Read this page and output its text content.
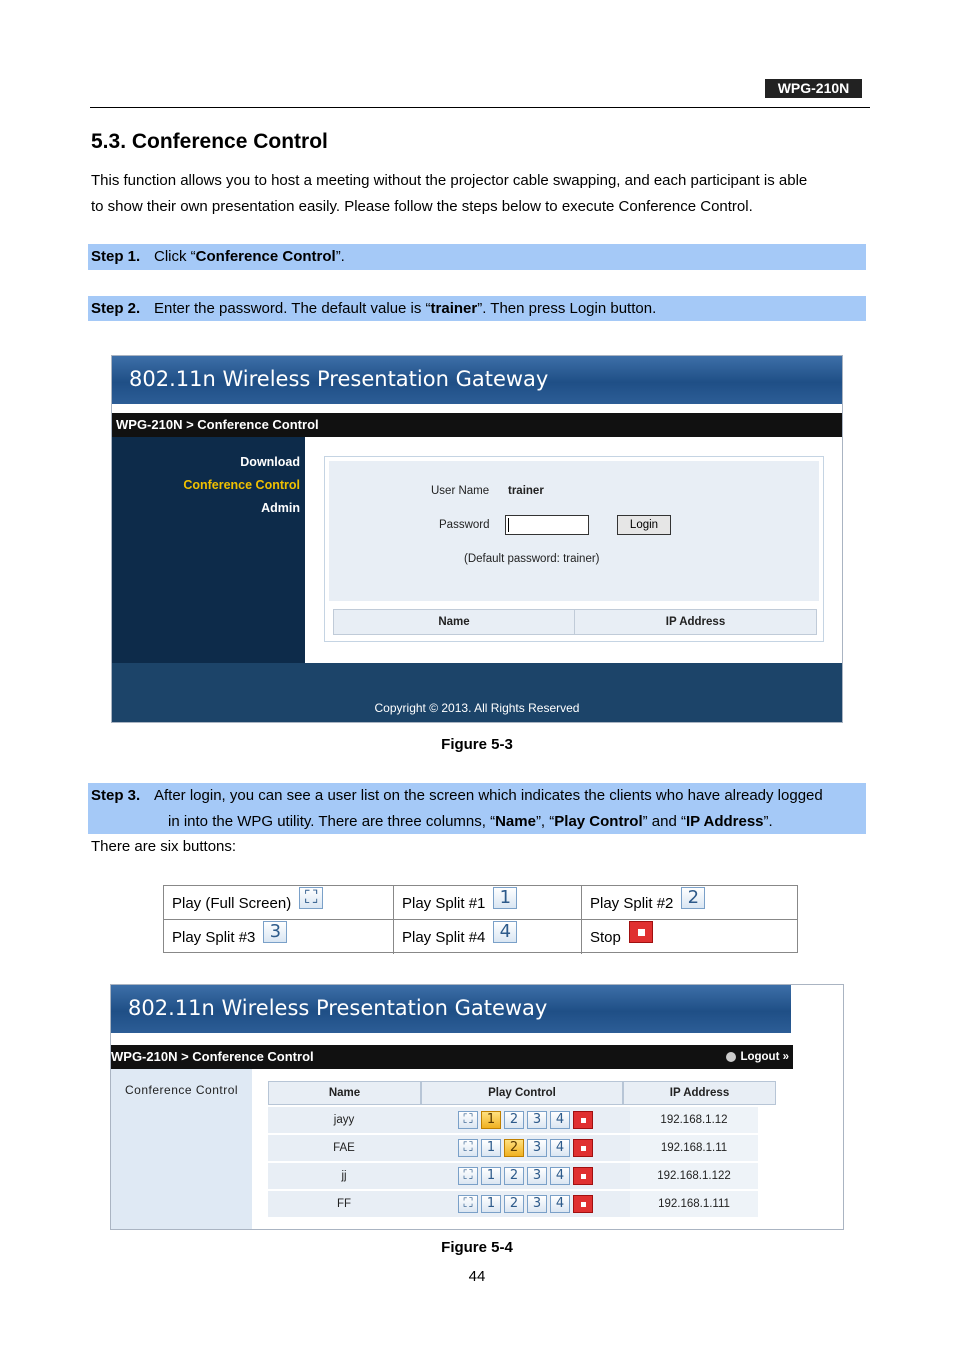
WPG-210N
5.3. Conference Control
This function allows you to host a meeting without the projector cable swapping, and each participant is able
to show their own presentation easily. Please follow the steps below to execute Conference Control.
Step 1. Click “Conference Control”.
Step 2. Enter the password. The default value is “trainer”. Then press Login button.
802.11n Wireless Presentation Gateway
WPG-210N > Conference Control
Download
Conference Control
Admin
User Name trainer
Password	Login
(Default password: trainer)
Name	IP Address
Copyright © 2013. All Rights Reserved
Figure 5-3
Step 3. After login, you can see a user list on the screen which indicates the clients who have already logged
in into the WPG utility. There are three columns, “Name”, “Play Control” and “IP Address”.
There are six buttons:
Play (Full Screen) ⛶	Play Split #1 1	Play Split #2 2
Play Split #3 3	Play Split #4 4	Stop
802.11n Wireless Presentation Gateway
WPG-210N > Conference Control	Logout »
Conference Control	Name	Play Control	IP Address
jayy	⛶ 1 2 3 4	192.168.1.12
FAE	⛶ 1 2 3 4	192.168.1.11
jj	⛶ 1 2 3 4	192.168.1.122
FF	⛶ 1 2 3 4	192.168.1.111
Figure 5-4
44
